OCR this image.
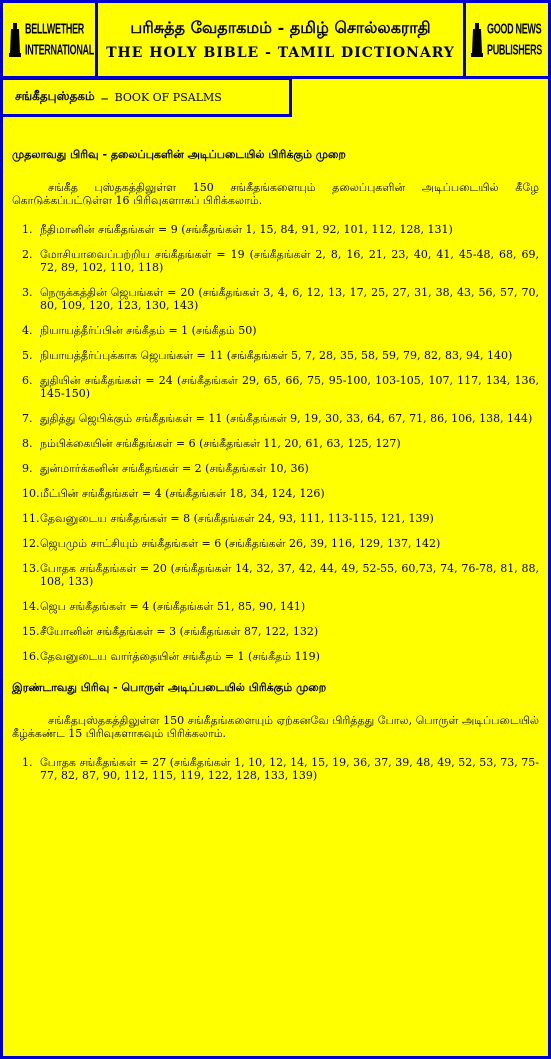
BELLWETHER INTERNATIONAL
பரிசுத்த வேதாகமம் - தமிழ் சொல்லகராதி
THE HOLY BIBLE - TAMIL DICTIONARY
GOOD NEWS PUBLISHERS
சங்கீதபுஸ்தகம் – BOOK OF PSALMS
முதலாவது பிரிவு - தலைப்புகளின் அடிப்படையில் பிரிக்கும் முறை
சங்கீத புஸ்தகத்திலுள்ள 150 சங்கீதங்களையும் தலைப்புகளின் அடிப்படையில் கீழே கொடுக்கப்பட்டுள்ள 16 பிரிவுகளாகப் பிரிக்கலாம்.
1. நீதிமானின் சங்கீதங்கள் = 9 (சங்கீதங்கள் 1, 15, 84, 91, 92, 101, 112, 128, 131)
2. மோசியாவைப்பற்றிய சங்கீதங்கள் = 19 (சங்கீதங்கள் 2, 8, 16, 21, 23, 40, 41, 45-48, 68, 69, 72, 89, 102, 110, 118)
3. நெருக்கத்தின் ஜெபங்கள் = 20 (சங்கீதங்கள் 3, 4, 6, 12, 13, 17, 25, 27, 31, 38, 43, 56, 57, 70, 80, 109, 120, 123, 130, 143)
4. நியாயத்தீர்ப்பின் சங்கீதம் = 1 (சங்கீதம் 50)
5. நியாயத்தீர்ப்புக்காக ஜெபங்கள் = 11 (சங்கீதங்கள் 5, 7, 28, 35, 58, 59, 79, 82, 83, 94, 140)
6. துதியின் சங்கீதங்கள் = 24 (சங்கீதங்கள் 29, 65, 66, 75, 95-100, 103-105, 107, 117, 134, 136, 145-150)
7. துதித்து ஜெபிக்கும் சங்கீதங்கள் = 11 (சங்கீதங்கள் 9, 19, 30, 33, 64, 67, 71, 86, 106, 138, 144)
8. நம்பிக்கையின் சங்கீதங்கள் = 6 (சங்கீதங்கள் 11, 20, 61, 63, 125, 127)
9. துன்மார்க்கனின் சங்கீதங்கள் = 2 (சங்கீதங்கள் 10, 36)
10. மீட்பின் சங்கீதங்கள் = 4 (சங்கீதங்கள் 18, 34, 124, 126)
11. தேவனுடைய சங்கீதங்கள் = 8 (சங்கீதங்கள் 24, 93, 111, 113-115, 121, 139)
12. ஜெபமும் சாட்சியும் சங்கீதங்கள் = 6 (சங்கீதங்கள் 26, 39, 116, 129, 137, 142)
13. போதக சங்கீதங்கள் = 20 (சங்கீதங்கள் 14, 32, 37, 42, 44, 49, 52-55, 60,73, 74, 76-78, 81, 88, 108, 133)
14. ஜெப சங்கீதங்கள் = 4 (சங்கீதங்கள் 51, 85, 90, 141)
15. சீயோனின் சங்கீதங்கள் = 3 (சங்கீதங்கள் 87, 122, 132)
16. தேவனுடைய வார்த்தையின் சங்கீதம் = 1 (சங்கீதம் 119)
இரண்டாவது பிரிவு - பொருள் அடிப்படையில் பிரிக்கும் முறை
சங்கீதபுஸ்தகத்திலுள்ள 150 சங்கீதங்களையும் ஏற்கனவே பிரித்தது போல, பொருள் அடிப்படையில் கீழ்க்கண்ட 15 பிரிவுகளாகவும் பிரிக்கலாம்.
1. போதக சங்கீதங்கள் = 27 (சங்கீதங்கள் 1, 10, 12, 14, 15, 19, 36, 37, 39, 48, 49, 52, 53, 73, 75-77, 82, 87, 90, 112, 115, 119, 122, 128, 133, 139)
